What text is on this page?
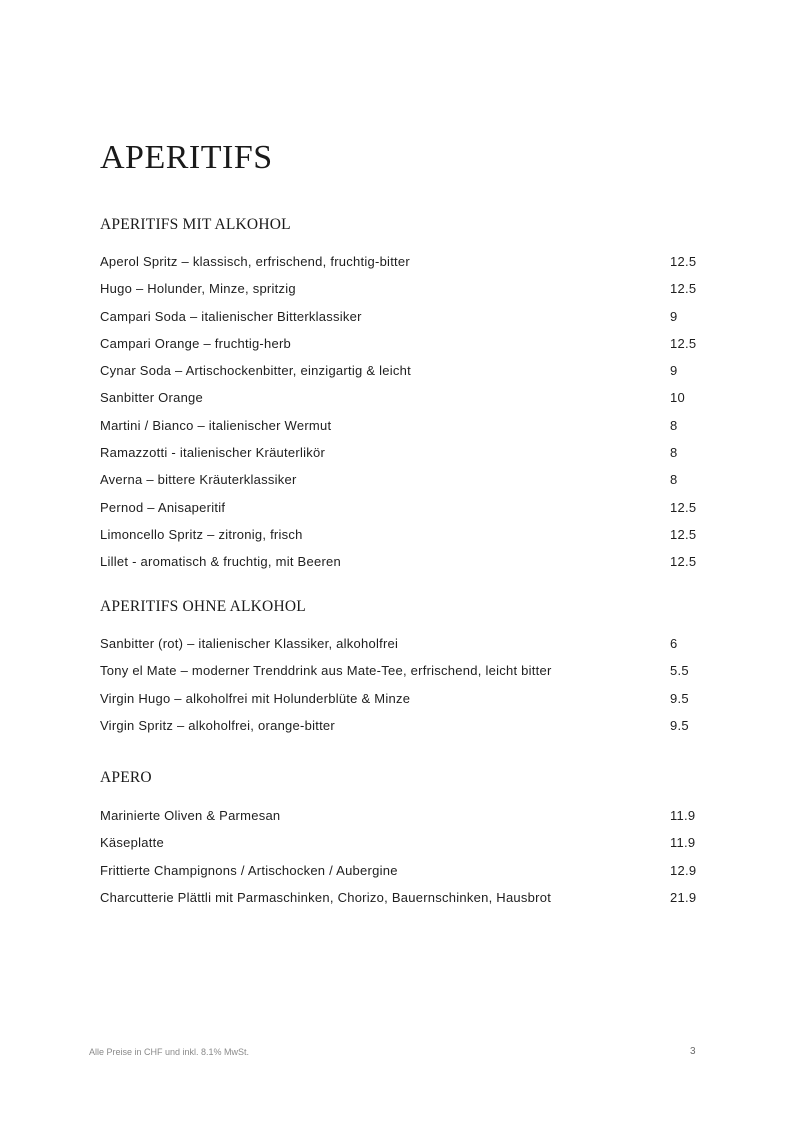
APERITIFS
APERITIFS MIT ALKOHOL
Aperol Spritz – klassisch, erfrischend, fruchtig-bitter	12.5
Hugo – Holunder, Minze, spritzig	12.5
Campari Soda – italienischer Bitterklassiker	9
Campari Orange – fruchtig-herb	12.5
Cynar Soda – Artischockenbitter, einzigartig & leicht	9
Sanbitter Orange	10
Martini / Bianco – italienischer Wermut	8
Ramazzotti - italienischer Kräuterlikör	8
Averna – bittere Kräuterklassiker	8
Pernod – Anisaperitif	12.5
Limoncello Spritz – zitronig, frisch	12.5
Lillet - aromatisch & fruchtig, mit Beeren	12.5
APERITIFS OHNE ALKOHOL
Sanbitter (rot) – italienischer Klassiker, alkoholfrei	6
Tony el Mate – moderner Trenddrink aus Mate-Tee, erfrischend, leicht bitter	5.5
Virgin Hugo – alkoholfrei mit Holunderblüte & Minze	9.5
Virgin Spritz – alkoholfrei, orange-bitter	9.5
APERO
Marinierte Oliven & Parmesan	11.9
Käseplatte	11.9
Frittierte Champignons / Artischocken / Aubergine	12.9
Charcutterie Plättli mit Parmaschinken, Chorizo, Bauernschinken, Hausbrot	21.9
Alle Preise in CHF und inkl. 8.1% MwSt.	3
